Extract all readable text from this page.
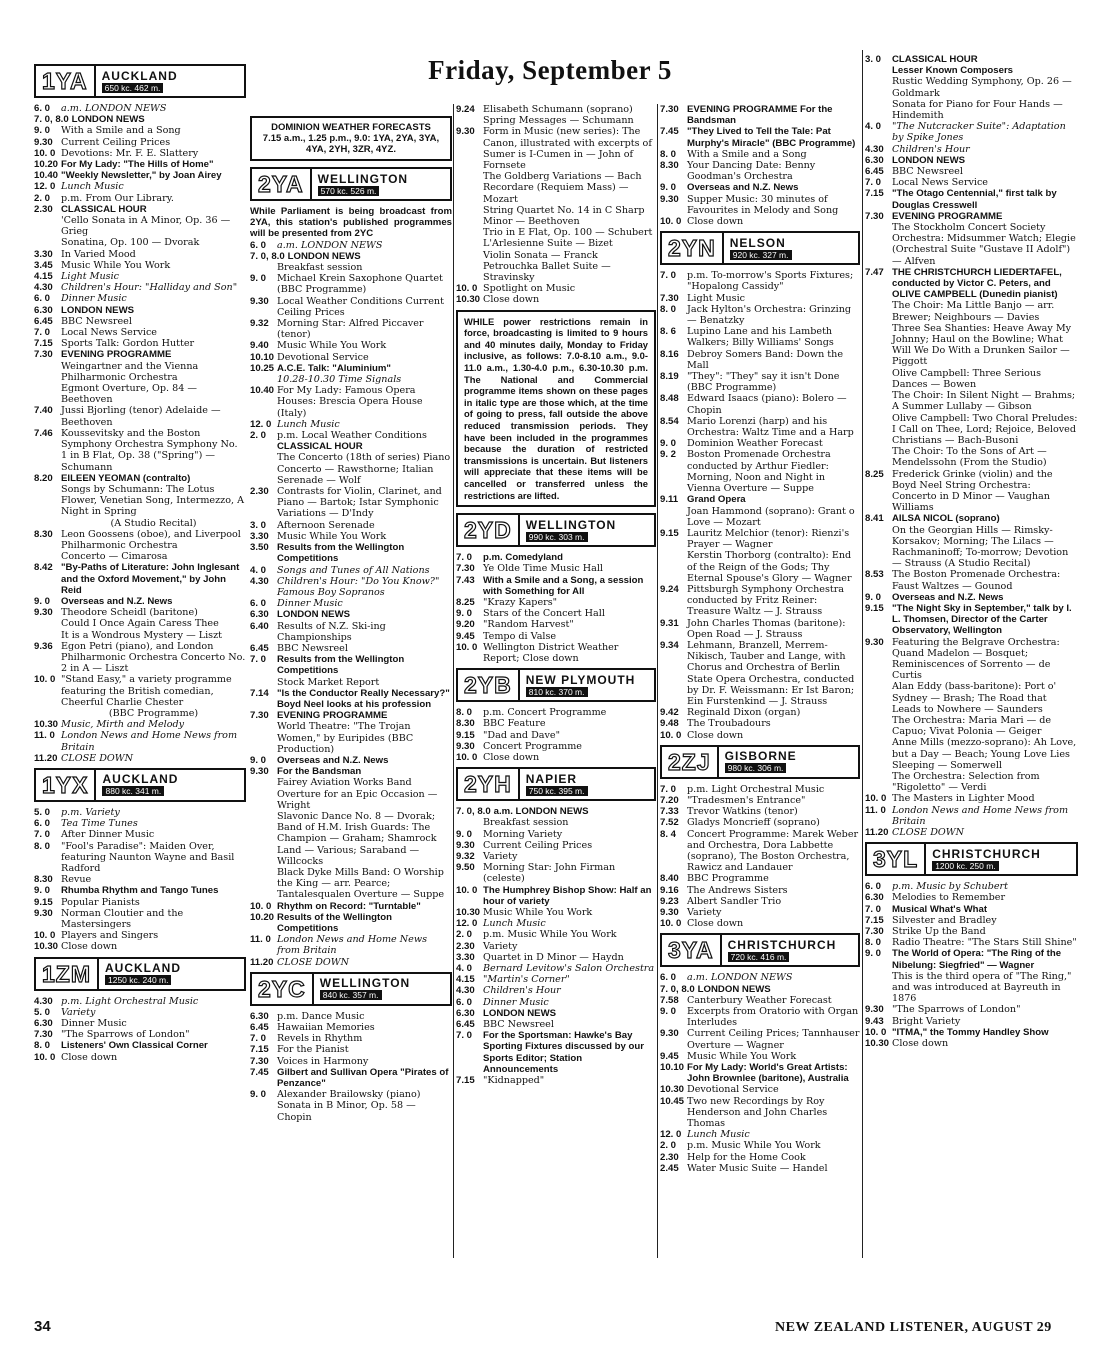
Friday, September 5
1YA	AUCKLAND
650 kc. 462 m.
6. 0	a.m. LONDON NEWS
7. 0, 8.0 LONDON NEWS
9. 0	With a Smile and a Song
9.30 Current Ceiling Prices
10. 0 Devotions: Mr. F. E. Slattery
10.20 For My Lady: "The Hills of Home"
10.40 "Weekly Newsletter," by Joan Airey
12. 0 Lunch Music
2. 0	p.m. From Our Library.
2.30 CLASSICAL HOUR
'Cello Sonata in A Minor, Op. 36 — Grieg
Sonatina, Op. 100 — Dvorak
3.30 In Varied Mood
3.45 Music While You Work
4.15 Light Music
4.30 Children's Hour: "Halliday and Son"
6. 0	Dinner Music
6.30 LONDON NEWS
6.45 BBC Newsreel
7. 0	Local News Service
7.15 Sports Talk: Gordon Hutter
7.30 EVENING PROGRAMME
Weingartner and the Vienna Philharmonic Orchestra
Egmont Overture, Op. 84 — Beethoven
7.40 Jussi Bjorling (tenor) Adelaide — Beethoven
7.46 Koussevitsky and the Boston Symphony Orchestra Symphony No. 1 in B Flat, Op. 38 ("Spring") — Schumann
8.20 EILEEN YEOMAN (contralto)
Songs by Schumann: The Lotus Flower, Venetian Song, Intermezzo, A Night in Spring
(A Studio Recital)
8.30 Leon Goossens (oboe), and Liverpool Philharmonic Orchestra
Concerto — Cimarosa
8.42 "By-Paths of Literature: John Inglesant and the Oxford Movement," by John Reid
9. 0	Overseas and N.Z. News
9.30 Theodore Scheidl (baritone)
Could I Once Again Caress Thee
It is a Wondrous Mystery — Liszt
9.36 Egon Petri (piano), and London Philharmonic Orchestra Concerto No. 2 in A — Liszt
10. 0 "Stand Easy," a variety programme featuring the British comedian, Cheerful Charlie Chester
(BBC Programme)
10.30 Music, Mirth and Melody
11. 0 London News and Home News from Britain
11.20 CLOSE DOWN
1YX	AUCKLAND
880 kc. 341 m.
5. 0	p.m. Variety
6. 0	Tea Time Tunes
7. 0	After Dinner Music
8. 0	"Fool's Paradise": Maiden Over, featuring Naunton Wayne and Basil Radford
8.30 Revue
9. 0	Rhumba Rhythm and Tango Tunes
9.15 Popular Pianists
9.30 Norman Cloutier and the Mastersingers
10. 0 Players and Singers
10.30 Close down
1ZM	AUCKLAND
1250 kc. 240 m.
4.30 p.m. Light Orchestral Music
5. 0	Variety
6.30 Dinner Music
7.30 "The Sparrows of London"
8. 0	Listeners' Own Classical Corner
10. 0 Close down
DOMINION WEATHER FORECASTS
7.15 a.m., 1.25 p.m., 9.0: 1YA, 2YA, 3YA, 4YA, 2YH, 3ZR, 4YZ.
2YA	WELLINGTON
570 kc. 526 m.
While Parliament is being broadcast from 2YA, this station's published programmes will be presented from 2YC
6. 0	a.m. LONDON NEWS
7. 0, 8.0 LONDON NEWS
Breakfast session
9. 0	Michael Krein Saxophone Quartet (BBC Programme)
9.30 Local Weather Conditions Current Ceiling Prices
9.32 Morning Star: Alfred Piccaver (tenor)
9.40 Music While You Work
10.10 Devotional Service
10.25 A.C.E. Talk: "Aluminium"
10.28-10.30 Time Signals
10.40 For My Lady: Famous Opera Houses: Brescia Opera House (Italy)
12. 0 Lunch Music
2. 0	p.m. Local Weather Conditions
CLASSICAL HOUR
The Concerto (18th of series) Piano Concerto — Rawsthorne; Italian Serenade — Wolf
2.30 Contrasts for Violin, Clarinet, and Piano — Bartok; Istar Symphonic Variations — D'Indy
3. 0	Afternoon Serenade
3.30 Music While You Work
3.50 Results from the Wellington Competitions
4. 0	Songs and Tunes of All Nations
4.30 Children's Hour: "Do You Know?" Famous Boy Sopranos
6. 0	Dinner Music
6.30 LONDON NEWS
6.40 Results of N.Z. Ski-ing Championships
6.45 BBC Newsreel
7. 0	Results from the Wellington Competitions
Stock Market Report
7.14 "Is the Conductor Really Necessary?" Boyd Neel looks at his profession
7.30 EVENING PROGRAMME
World Theatre: "The Trojan Women," by Euripides (BBC Production)
9. 0	Overseas and N.Z. News
9.30 For the Bandsman
Fairey Aviation Works Band Overture for an Epic Occasion — Wright
Slavonic Dance No. 8 — Dvorak; Band of H.M. Irish Guards: The Champion — Graham; Shamrock Land — Various; Saraband — Willcocks
Black Dyke Mills Band: O Worship the King — arr. Pearce; Tantalesqualen Overture — Suppe
10. 0 Rhythm on Record: "Turntable"
10.20 Results of the Wellington Competitions
11. 0 London News and Home News from Britain
11.20 CLOSE DOWN
2YC	WELLINGTON
840 kc. 357 m.
6.30 p.m. Dance Music
6.45 Hawaiian Memories
7. 0	Revels in Rhythm
7.15 For the Pianist
7.30 Voices in Harmony
7.45 Gilbert and Sullivan Opera "Pirates of Penzance"
9. 0	Alexander Brailowsky (piano) Sonata in B Minor, Op. 58 — Chopin
9.24 Elisabeth Schumann (soprano) Spring Messages — Schumann
9.30 Form in Music (new series): The Canon, illustrated with excerpts of Sumer is I-Cumen in — John of Fornsete
The Goldberg Variations — Bach
Recordare (Requiem Mass) — Mozart
String Quartet No. 14 in C Sharp Minor — Beethoven
Trio in E Flat, Op. 100 — Schubert
L'Arlesienne Suite — Bizet
Violin Sonata — Franck
Petrouchka Ballet Suite — Stravinsky
10. 0 Spotlight on Music
10.30 Close down
WHILE power restrictions remain in force, broadcasting is limited to 9 hours and 40 minutes daily, Monday to Friday inclusive, as follows: 7.0-8.10 a.m., 9.0-11.0 a.m., 1.30-4.0 p.m., 6.30-10.30 p.m. The National and Commercial programme items shown on these pages in italic type are those which, at the time of going to press, fall outside the above reduced transmission periods. They have been included in the programmes because the duration of restricted transmissions is uncertain. But listeners will appreciate that these items will be cancelled or transferred unless the restrictions are lifted.
2YD	WELLINGTON
990 kc. 303 m.
7. 0	p.m. Comedyland
7.30 Ye Olde Time Music Hall
7.43 With a Smile and a Song, a session with Something for All
8.25 "Krazy Kapers"
9. 0	Stars of the Concert Hall
9.20 "Random Harvest"
9.45 Tempo di Valse
10. 0 Wellington District Weather Report; Close down
2YB	NEW PLYMOUTH
810 kc. 370 m.
8. 0	p.m. Concert Programme
8.30 BBC Feature
9.15 "Dad and Dave"
9.30 Concert Programme
10. 0 Close down
2YH	NAPIER
750 kc. 395 m.
7. 0, 8.0 a.m. LONDON NEWS
Breakfast session
9. 0	Morning Variety
9.30 Current Ceiling Prices
9.32 Variety
9.50 Morning Star: John Firman (celeste)
10. 0 The Humphrey Bishop Show: Half an hour of variety
10.30 Music While You Work
12. 0 Lunch Music
2. 0	p.m. Music While You Work
2.30 Variety
3.30 Quartet in D Minor — Haydn
4. 0	Bernard Levitow's Salon Orchestra
4.15 "Martin's Corner"
4.30 Children's Hour
6. 0	Dinner Music
6.30 LONDON NEWS
6.45 BBC Newsreel
7. 0	For the Sportsman: Hawke's Bay Sporting Fixtures discussed by our Sports Editor; Station Announcements
7.15 "Kidnapped"
7.30 EVENING PROGRAMME For the Bandsman
7.45 "They Lived to Tell the Tale: Pat Murphy's Miracle" (BBC Programme)
8. 0	With a Smile and a Song
8.30 Your Dancing Date: Benny Goodman's Orchestra
9. 0	Overseas and N.Z. News
9.30 Supper Music: 30 minutes of Favourites in Melody and Song
10. 0 Close down
2YN	NELSON
920 kc. 327 m.
7. 0	p.m. To-morrow's Sports Fixtures; "Hopalong Cassidy"
7.30 Light Music
8. 0	Jack Hylton's Orchestra: Grinzing — Benatzky
8. 6	Lupino Lane and his Lambeth Walkers; Billy Williams' Songs
8.16 Debroy Somers Band: Down the Mall
8.19 "They": "They" say it isn't Done (BBC Programme)
8.48 Edward Isaacs (piano): Bolero — Chopin
8.54 Mario Lorenzi (harp) and his Orchestra: Waltz Time and a Harp
9. 0	Dominion Weather Forecast
9. 2	Boston Promenade Orchestra conducted by Arthur Fiedler: Morning, Noon and Night in Vienna Overture — Suppe
9.11 Grand Opera
Joan Hammond (soprano): Grant o Love — Mozart
9.15 Lauritz Melchior (tenor): Rienzi's Prayer — Wagner
Kerstin Thorborg (contralto): End of the Reign of the Gods; Thy Eternal Spouse's Glory — Wagner
9.24 Pittsburgh Symphony Orchestra conducted by Fritz Reiner: Treasure Waltz — J. Strauss
9.31 John Charles Thomas (baritone): Open Road — J. Strauss
9.34 Lehmann, Branzell, Merrem-Nikisch, Tauber and Lange, with Chorus and Orchestra of Berlin State Opera Orchestra, conducted by Dr. F. Weissmann: Er Ist Baron; Ein Furstenkind — J. Strauss
9.42 Reginald Dixon (organ)
9.48 The Troubadours
10. 0 Close down
2ZJ	GISBORNE
980 kc. 306 m.
7. 0	p.m. Light Orchestral Music
7.20 "Tradesmen's Entrance"
7.33 Trevor Watkins (tenor)
7.52 Gladys Moncrieff (soprano)
8. 4	Concert Programme: Marek Weber and Orchestra, Dora Labbette (soprano), The Boston Orchestra, Rawicz and Landauer
8.40 BBC Programme
9.16 The Andrews Sisters
9.23 Albert Sandler Trio
9.30 Variety
10. 0 Close down
3YA	CHRISTCHURCH
720 kc. 416 m.
6. 0	a.m. LONDON NEWS
7. 0, 8.0 LONDON NEWS
7.58 Canterbury Weather Forecast
9. 0	Excerpts from Oratorio with Organ Interludes
9.30 Current Ceiling Prices; Tannhauser Overture — Wagner
9.45 Music While You Work
10.10 For My Lady: World's Great Artists: John Brownlee (baritone), Australia
10.30 Devotional Service
10.45 Two new Recordings by Roy Henderson and John Charles Thomas
12. 0 Lunch Music
2. 0	p.m. Music While You Work
2.30 Help for the Home Cook
2.45 Water Music Suite — Handel
3. 0	CLASSICAL HOUR
Lesser Known Composers
Rustic Wedding Symphony, Op. 26 — Goldmark
Sonata for Piano for Four Hands — Hindemith
4. 0	"The Nutcracker Suite": Adaptation by Spike Jones
4.30 Children's Hour
6.30 LONDON NEWS
6.45 BBC Newsreel
7. 0	Local News Service
7.15 "The Otago Centennial," first talk by Douglas Cresswell
7.30 EVENING PROGRAMME
The Stockholm Concert Society Orchestra: Midsummer Watch; Elegie (Orchestral Suite "Gustave II Adolf") — Alfven
7.47 THE CHRISTCHURCH LIEDERTAFEL, conducted by Victor C. Peters, and OLIVE CAMPBELL (Dunedin pianist)
The Choir: Ma Little Banjo — arr. Brewer; Neighbours — Davies
Three Sea Shanties: Heave Away My Johnny; Haul on the Bowline; What Will We Do With a Drunken Sailor — Piggott
Olive Campbell: Three Serious Dances — Bowen
The Choir: In Silent Night — Brahms; A Summer Lullaby — Gibson
Olive Campbell: Two Choral Preludes: I Call on Thee, Lord; Rejoice, Beloved Christians — Bach-Busoni
The Choir: To the Sons of Art — Mendelssohn (From the Studio)
8.25 Frederick Grinke (violin) and the Boyd Neel String Orchestra: Concerto in D Minor — Vaughan Williams
8.41 AILSA NICOL (soprano)
On the Georgian Hills — Rimsky-Korsakov; Morning; The Lilacs — Rachmaninoff; To-morrow; Devotion — Strauss (A Studio Recital)
8.53 The Boston Promenade Orchestra: Faust Waltzes — Gounod
9. 0	Overseas and N.Z. News
9.15 "The Night Sky in September," talk by I. L. Thomsen, Director of the Carter Observatory, Wellington
9.30 Featuring the Belgrave Orchestra: Quand Madelon — Bosquet; Reminiscences of Sorrento — de Curtis
Alan Eddy (bass-baritone): Port o' Sydney — Brash; The Road that Leads to Nowhere — Saunders
The Orchestra: Maria Mari — de Capuo; Vivat Polonia — Geiger
Anne Mills (mezzo-soprano): Ah Love, but a Day — Beach; Young Love Lies Sleeping — Somerwell
The Orchestra: Selection from "Rigoletto" — Verdi
10. 0 The Masters in Lighter Mood
11. 0 London News and Home News from Britain
11.20 CLOSE DOWN
3YL	CHRISTCHURCH
1200 kc. 250 m.
6. 0	p.m. Music by Schubert
6.30 Melodies to Remember
7. 0	Musical What's What
7.15 Silvester and Bradley
7.30 Strike Up the Band
8. 0	Radio Theatre: "The Stars Still Shine"
9. 0	The World of Opera: "The Ring of the Nibelung: Siegfried" — Wagner
This is the third opera of "The Ring," and was introduced at Bayreuth in 1876
9.30 "The Sparrows of London"
9.43 Bright Variety
10. 0 "ITMA," the Tommy Handley Show
10.30 Close down
34	NEW ZEALAND LISTENER, AUGUST 29
